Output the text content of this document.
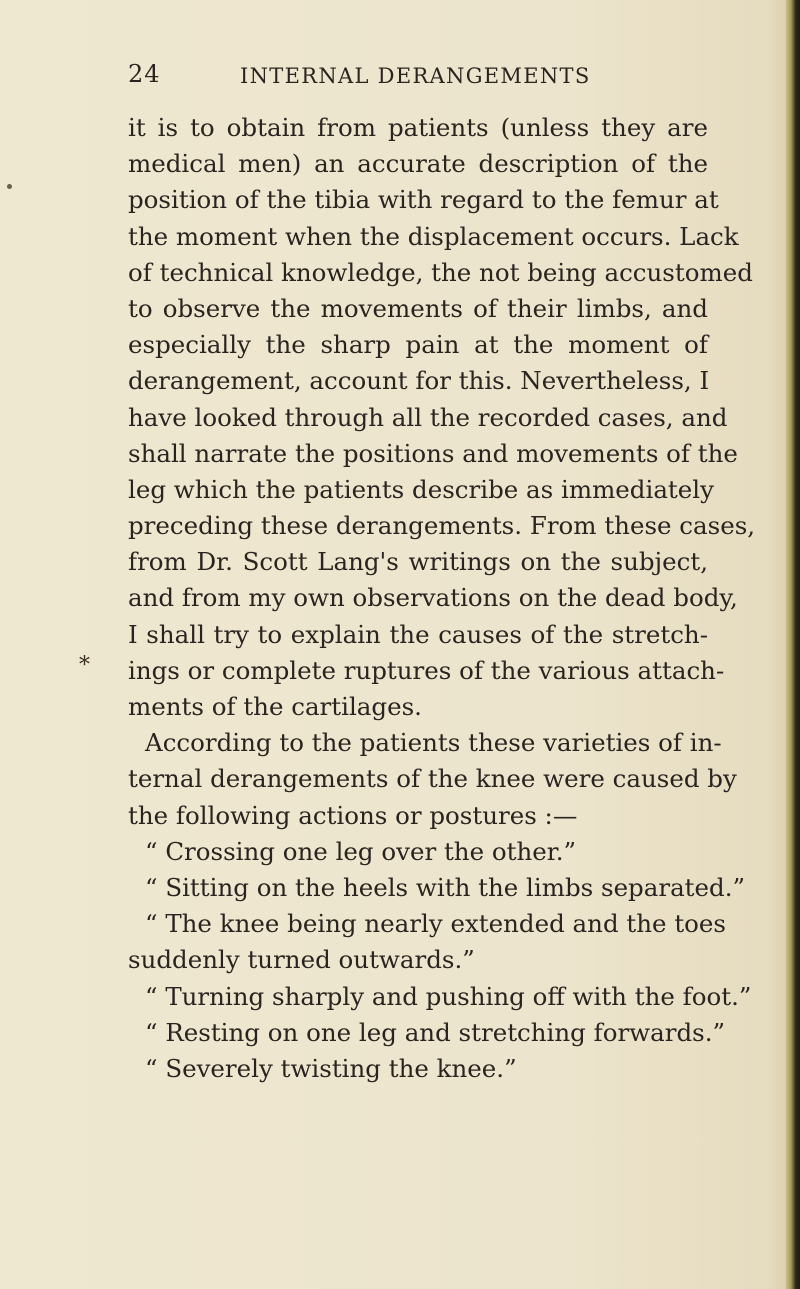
24	INTERNAL DERANGEMENTS
it is to obtain from patients (unless they are
medical men) an accurate description of the
position of the tibia with regard to the femur at
the moment when the displacement occurs. Lack
of technical knowledge, the not being accustomed
to observe the movements of their limbs, and
especially the sharp pain at the moment of
derangement, account for this. Nevertheless, I
have looked through all the recorded cases, and
shall narrate the positions and movements of the
leg which the patients describe as immediately
preceding these derangements. From these cases,
from Dr. Scott Lang's writings on the subject,
and from my own observations on the dead body,
I shall try to explain the causes of the stretch-
ings or complete ruptures of the various attach-
ments of the cartilages.
According to the patients these varieties of in-
ternal derangements of the knee were caused by
the following actions or postures :—
“ Crossing one leg over the other.”
“ Sitting on the heels with the limbs separated.”
“ The knee being nearly extended and the toes
suddenly turned outwards.”
“ Turning sharply and pushing off with the foot.”
“ Resting on one leg and stretching forwards.”
“ Severely twisting the knee.”
*
